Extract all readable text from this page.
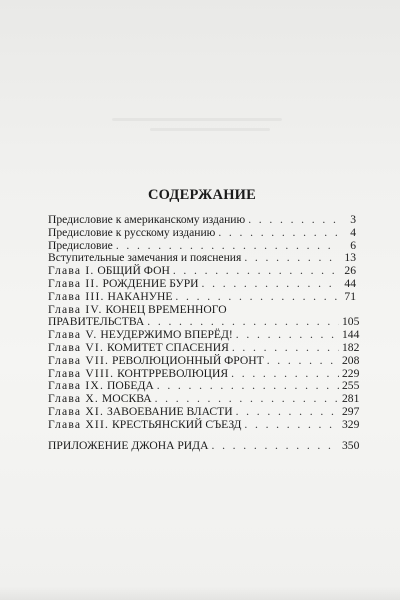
СОДЕРЖАНИЕ
Предисловие к американскому изданию . . .	3
Предисловие к русскому изданию . . .	4
Предисловие . . .	6
Вступительные замечания и пояснения . . .	13
Глава I. ОБЩИЙ ФОН . . .	26
Глава II. РОЖДЕНИЕ БУРИ . . .	44
Глава III. НАКАНУНЕ . . .	71
Глава IV. КОНЕЦ ВРЕМЕННОГО
ПРАВИТЕЛЬСТВА . . .	105
Глава V. НЕУДЕРЖИМО ВПЕРЁД! . . .	144
Глава VI. КОМИТЕТ СПАСЕНИЯ . . .	182
Глава VII. РЕВОЛЮЦИОННЫЙ ФРОНТ . . .	208
Глава VIII. КОНТРРЕВОЛЮЦИЯ . . .	229
Глава IX. ПОБЕДА . . .	255
Глава X. МОСКВА . . .	281
Глава XI. ЗАВОЕВАНИЕ ВЛАСТИ . . .	297
Глава XII. КРЕСТЬЯНСКИЙ СЪЕЗД . . .	329
ПРИЛОЖЕНИЕ ДЖОНА РИДА . . .	350
